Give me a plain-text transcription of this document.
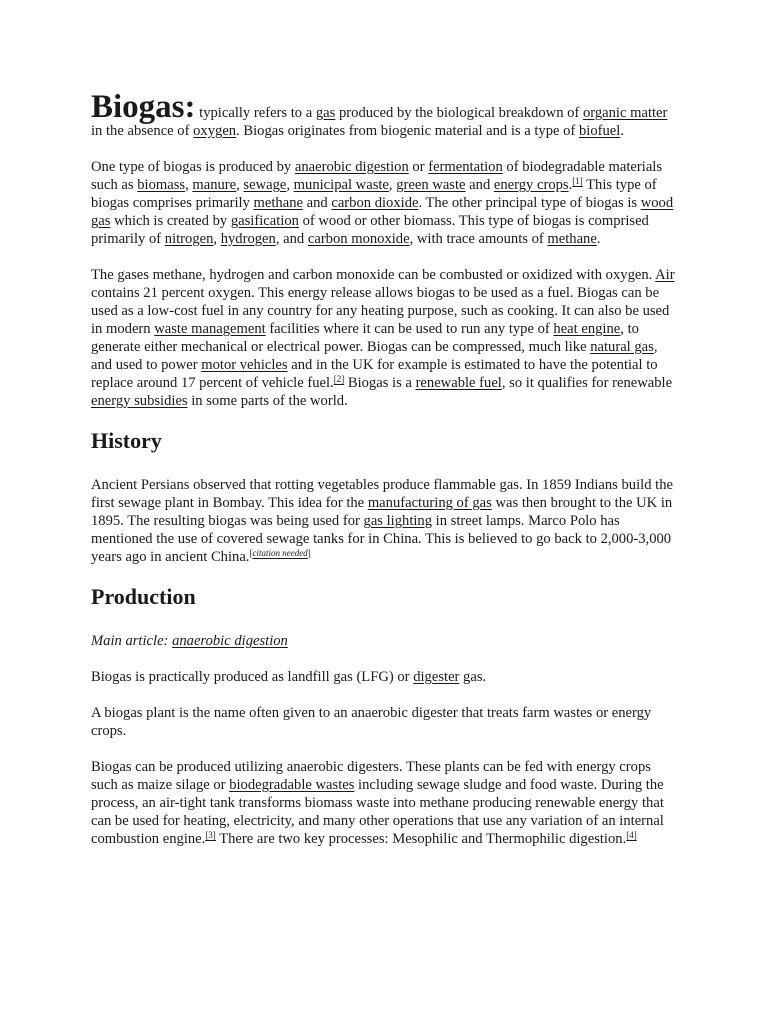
Biogas: typically refers to a gas produced by the biological breakdown of organic matter in the absence of oxygen. Biogas originates from biogenic material and is a type of biofuel.

One type of biogas is produced by anaerobic digestion or fermentation of biodegradable materials such as biomass, manure, sewage, municipal waste, green waste and energy crops.[1] This type of biogas comprises primarily methane and carbon dioxide. The other principal type of biogas is wood gas which is created by gasification of wood or other biomass. This type of biogas is comprised primarily of nitrogen, hydrogen, and carbon monoxide, with trace amounts of methane.

The gases methane, hydrogen and carbon monoxide can be combusted or oxidized with oxygen. Air contains 21 percent oxygen. This energy release allows biogas to be used as a fuel. Biogas can be used as a low-cost fuel in any country for any heating purpose, such as cooking. It can also be used in modern waste management facilities where it can be used to run any type of heat engine, to generate either mechanical or electrical power. Biogas can be compressed, much like natural gas, and used to power motor vehicles and in the UK for example is estimated to have the potential to replace around 17 percent of vehicle fuel.[2] Biogas is a renewable fuel, so it qualifies for renewable energy subsidies in some parts of the world.

History

Ancient Persians observed that rotting vegetables produce flammable gas. In 1859 Indians build the first sewage plant in Bombay. This idea for the manufacturing of gas was then brought to the UK in 1895. The resulting biogas was being used for gas lighting in street lamps. Marco Polo has mentioned the use of covered sewage tanks for in China. This is believed to go back to 2,000-3,000 years ago in ancient China.[citation needed]

Production

Main article: anaerobic digestion

Biogas is practically produced as landfill gas (LFG) or digester gas.

A biogas plant is the name often given to an anaerobic digester that treats farm wastes or energy crops.

Biogas can be produced utilizing anaerobic digesters. These plants can be fed with energy crops such as maize silage or biodegradable wastes including sewage sludge and food waste. During the process, an air-tight tank transforms biomass waste into methane producing renewable energy that can be used for heating, electricity, and many other operations that use any variation of an internal combustion engine.[3] There are two key processes: Mesophilic and Thermophilic digestion.[4]
